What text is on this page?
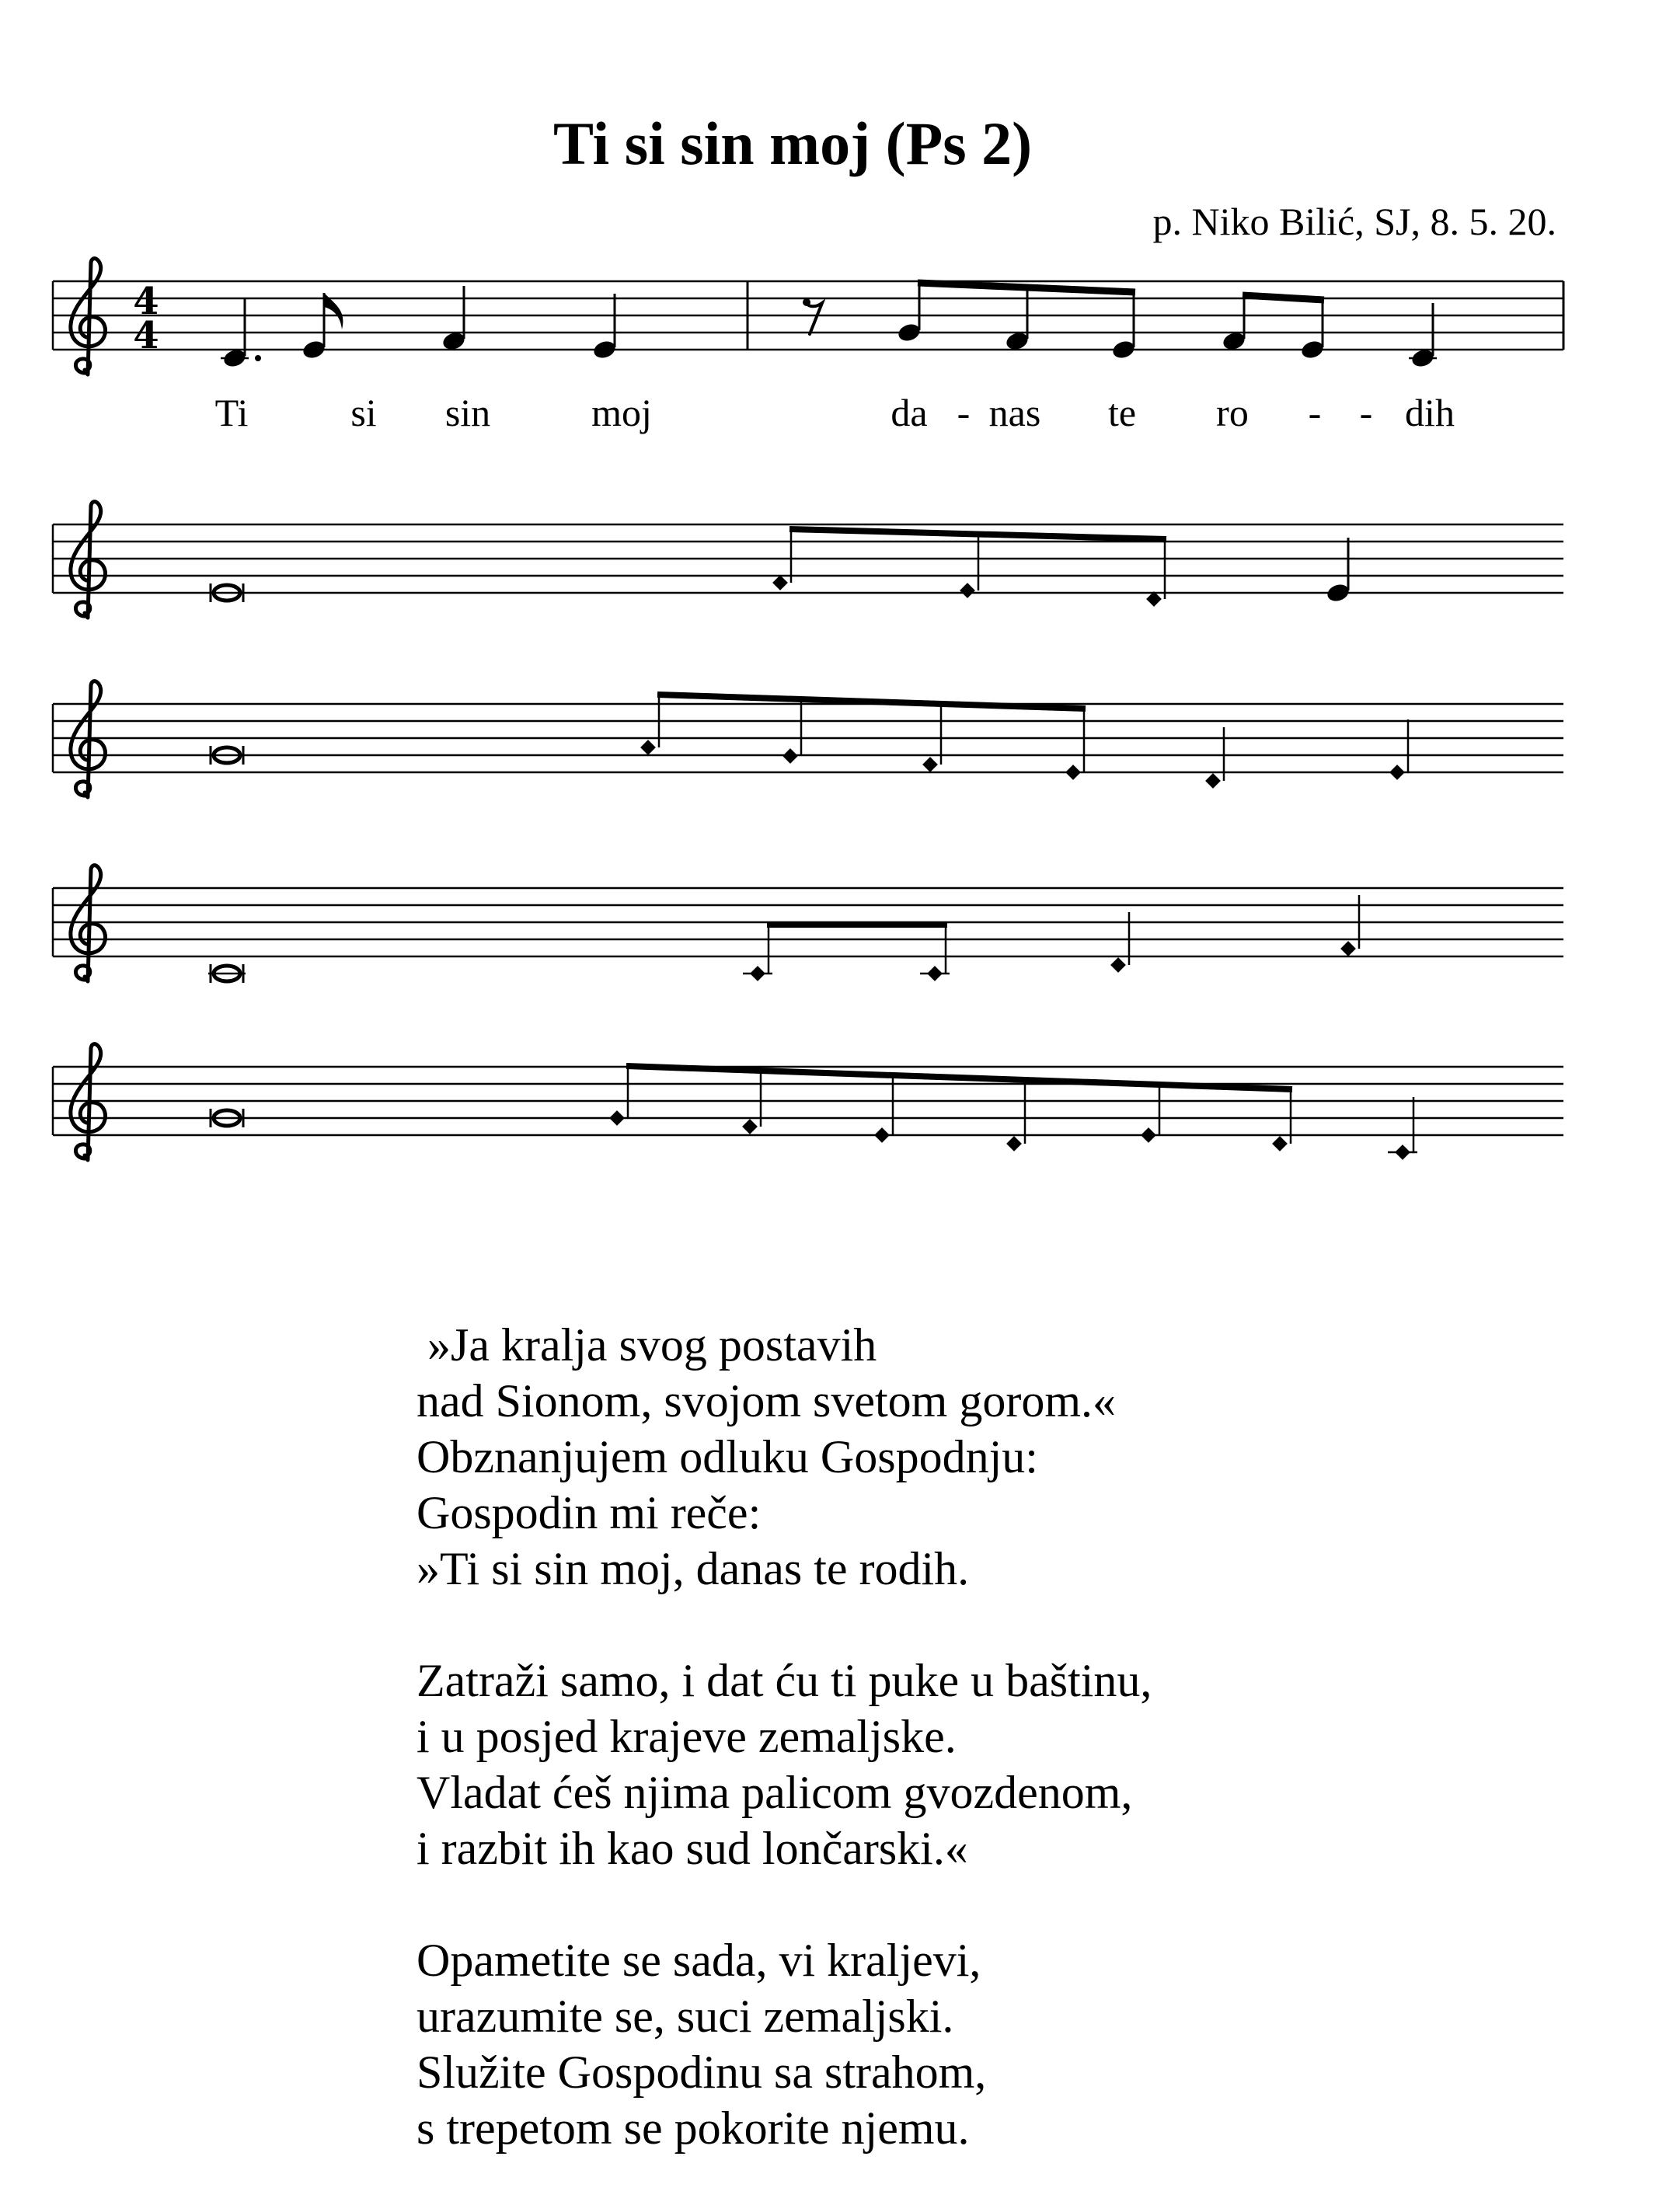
Ti si sin moj (Ps 2)
p. Niko Bilić, SJ, 8. 5. 20.
4
4
Ti	si sin	moj	da - nas te ro - - dih
»Ja kralja svog postavih
nad Sionom, svojom svetom gorom.«
Obznanjujem odluku Gospodnju:
Gospodin mi reče:
»Ti si sin moj, danas te rodih.
Zatraži samo, i dat ću ti puke u baštinu,
i u posjed krajeve zemaljske.
Vladat ćeš njima palicom gvozdenom,
i razbit ih kao sud lončarski.«
Opametite se sada, vi kraljevi,
urazumite se, suci zemaljski.
Služite Gospodinu sa strahom,
s trepetom se pokorite njemu.
